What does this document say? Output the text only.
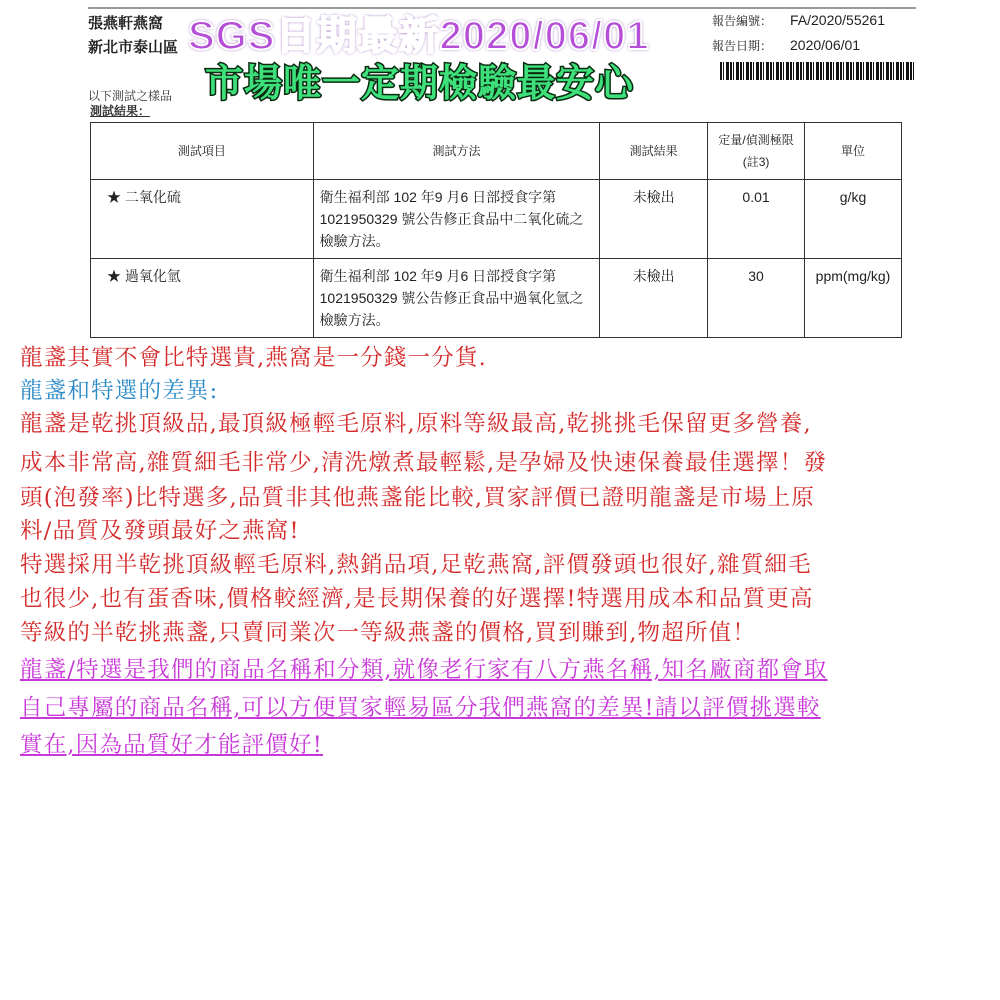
張燕軒燕窩
新北市泰山區
報告編號： FA/2020/55261
報告日期： 2020/06/01
以下測試之樣品
測試結果：
SGS日期最新2020/06/01
市場唯一定期檢驗最安心
測試項目	測試方法	測試結果	定量/偵測極限(註3)	單位
★ 二氧化硫	衛生福利部 102 年9 月6 日部授食字第 1021950329 號公告修正食品中二氧化硫之檢驗方法。	未檢出	0.01	g/kg
★ 過氧化氫	衛生福利部 102 年9 月6 日部授食字第 1021950329 號公告修正食品中過氧化氫之檢驗方法。	未檢出	30	ppm(mg/kg)
龍盞其實不會比特選貴,燕窩是一分錢一分貨.
龍盞和特選的差異:
龍盞是乾挑頂級品,最頂級極輕毛原料,原料等級最高,乾挑挑毛保留更多營養,
成本非常高,雜質細毛非常少,清洗燉煮最輕鬆,是孕婦及快速保養最佳選擇！發
頭(泡發率)比特選多,品質非其他燕盞能比較,買家評價已證明龍盞是市場上原
料/品質及發頭最好之燕窩!
特選採用半乾挑頂級輕毛原料,熱銷品項,足乾燕窩,評價發頭也很好,雜質細毛
也很少,也有蛋香味,價格較經濟,是長期保養的好選擇!特選用成本和品質更高
等級的半乾挑燕盞,只賣同業次一等級燕盞的價格,買到賺到,物超所值！
龍盞/特選是我們的商品名稱和分類,就像老行家有八方燕名稱,知名廠商都會取
自己專屬的商品名稱,可以方便買家輕易區分我們燕窩的差異!請以評價挑選較
實在,因為品質好才能評價好!
